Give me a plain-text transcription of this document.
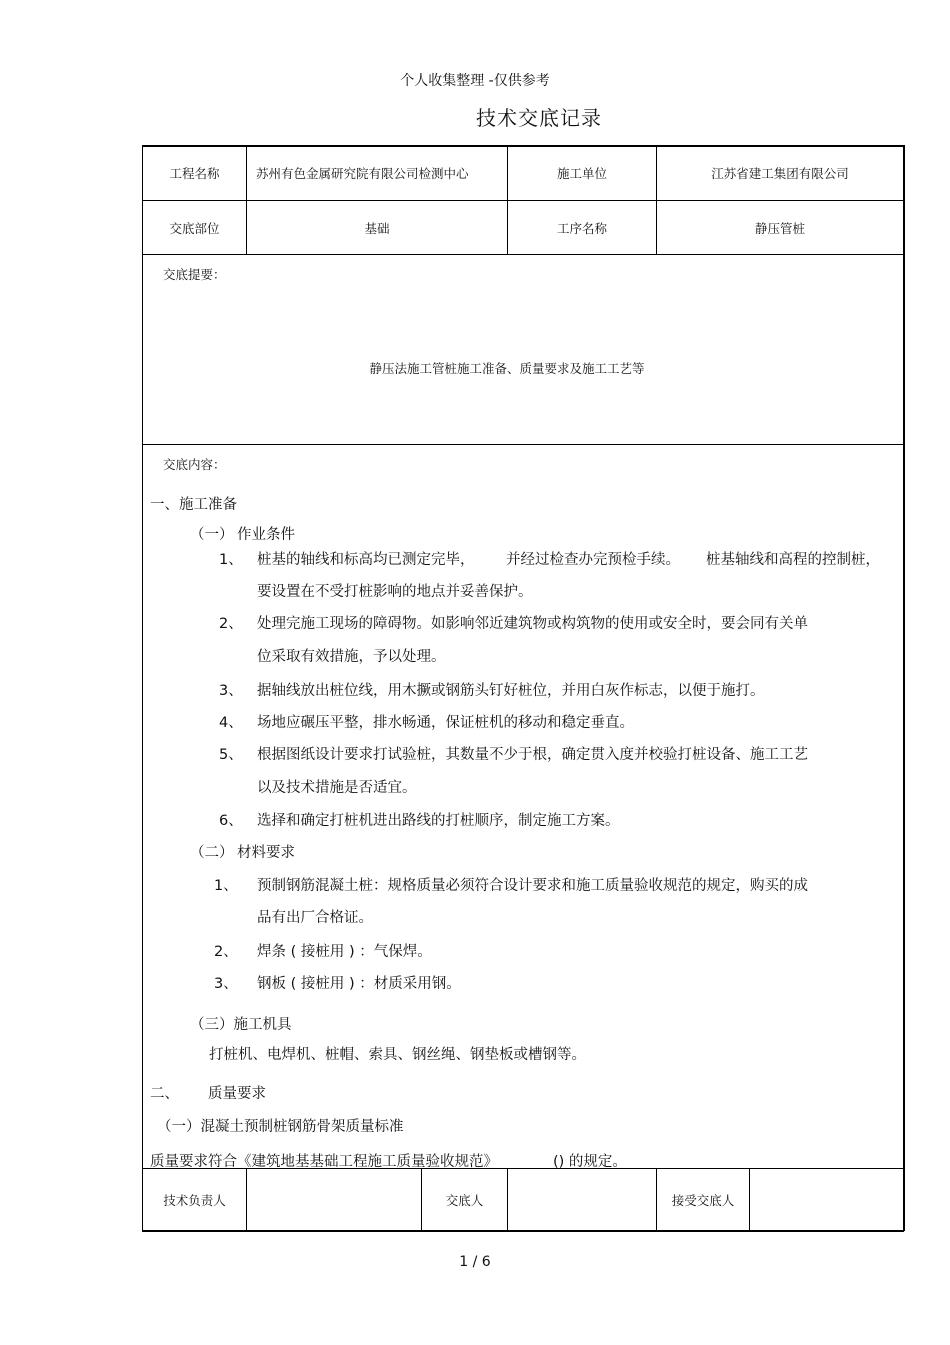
个人收集整理 -仅供参考
技术交底记录
工程名称	苏州有色金属研究院有限公司检测中心	施工单位	江苏省建工集团有限公司
交底部位	基础	工序名称	静压管桩
交底提要：
静压法施工管桩施工准备、质量要求及施工工艺等
交底内容：
一、施工准备
（一） 作业条件
1、 桩基的轴线和标高均已测定完毕， 并经过检查办完预检手续。 桩基轴线和高程的控制桩，
要设置在不受打桩影响的地点并妥善保护。
2、 处理完施工现场的障碍物。如影响邻近建筑物或构筑物的使用或安全时，要会同有关单
位采取有效措施，予以处理。
3、 据轴线放出桩位线，用木撅或钢筋头钉好桩位，并用白灰作标志，以便于施打。
4、 场地应碾压平整，排水畅通，保证桩机的移动和稳定垂直。
5、 根据图纸设计要求打试验桩，其数量不少于根，确定贯入度并校验打桩设备、施工工艺
以及技术措施是否适宜。
6、 选择和确定打桩机进出路线的打桩顺序，制定施工方案。
（二） 材料要求
1、 预制钢筋混凝土桩：规格质量必须符合设计要求和施工质量验收规范的规定，购买的成
品有出厂合格证。
2、 焊条 ( 接桩用 ) ：气保焊。
3、 钢板 ( 接桩用 ) ：材质采用钢。
（三）施工机具
打桩机、电焊机、桩帽、索具、钢丝绳、钢垫板或槽钢等。
二、 质量要求
（一）混凝土预制桩钢筋骨架质量标准
质量要求符合《建筑地基基础工程施工质量验收规范》	() 的规定。
技术负责人	交底人	接受交底人
1 / 6
